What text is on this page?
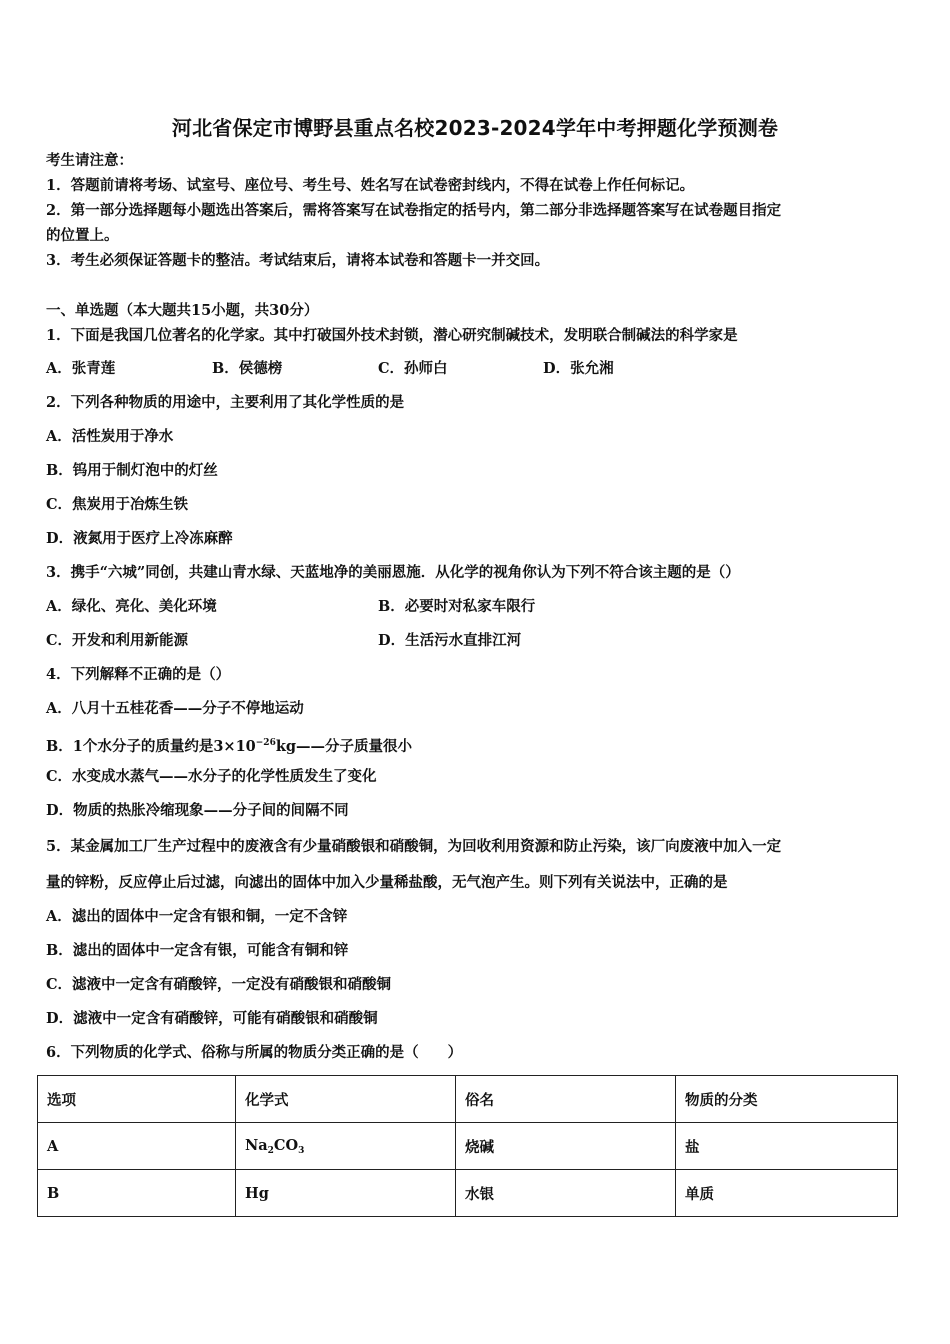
河北省保定市博野县重点名校2023-2024学年中考押题化学预测卷
考生请注意：
1．答题前请将考场、试室号、座位号、考生号、姓名写在试卷密封线内，不得在试卷上作任何标记。
2．第一部分选择题每小题选出答案后，需将答案写在试卷指定的括号内，第二部分非选择题答案写在试卷题目指定
的位置上。
3．考生必须保证答题卡的整洁。考试结束后，请将本试卷和答题卡一并交回。
一、单选题（本大题共15小题，共30分）
1．下面是我国几位著名的化学家。其中打破国外技术封锁，潜心研究制碱技术，发明联合制碱法的科学家是
A．张青莲	B．侯德榜	C．孙师白	D．张允湘
2．下列各种物质的用途中，主要利用了其化学性质的是
A．活性炭用于净水
B．钨用于制灯泡中的灯丝
C．焦炭用于冶炼生铁
D．液氮用于医疗上冷冻麻醉
3．携手“六城”同创，共建山青水绿、天蓝地净的美丽恩施．从化学的视角你认为下列不符合该主题的是（）
A．绿化、亮化、美化环境	B．必要时对私家车限行
C．开发和利用新能源	D．生活污水直排江河
4．下列解释不正确的是（）
A．八月十五桂花香——分子不停地运动
B．1个水分子的质量约是$3\times 10^{-26}kg——$分子质量很小
C．水变成水蒸气——水分子的化学性质发生了变化
D．物质的热胀冷缩现象——分子间的间隔不同
5．某金属加工厂生产过程中的废液含有少量硝酸银和硝酸铜，为回收利用资源和防止污染，该厂向废液中加入一定
量的锌粉，反应停止后过滤，向滤出的固体中加入少量稀盐酸，无气泡产生。则下列有关说法中，正确的是
A．滤出的固体中一定含有银和铜，一定不含锌
B．滤出的固体中一定含有银，可能含有铜和锌
C．滤液中一定含有硝酸锌，一定没有硝酸银和硝酸铜
D．滤液中一定含有硝酸锌，可能有硝酸银和硝酸铜
6．下列物质的化学式、俗称与所属的物质分类正确的是（　　）
选项	化学式	俗名	物质的分类
A	$Na_2CO_3$	烧碱	盐
B	Hg	水银	单质
